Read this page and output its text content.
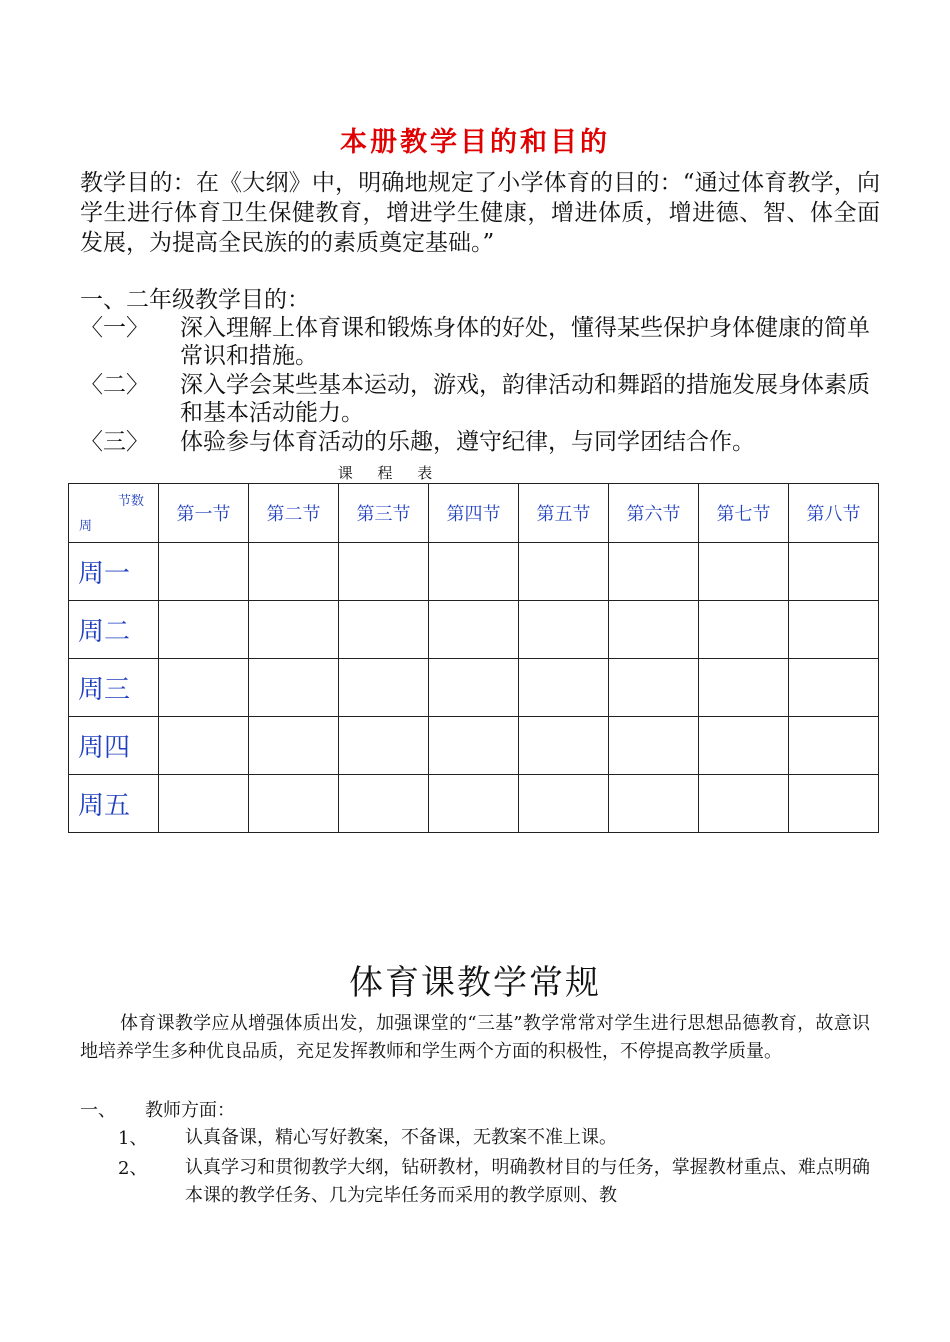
本册教学目的和目的
教学目的：在《大纲》中，明确地规定了小学体育的目的：“通过体育教学，向学生进行体育卫生保健教育，增进学生健康，增进体质，增进德、智、体全面发展，为提高全民族的的素质奠定基础。”
一、二年级教学目的：
〈一〉	深入理解上体育课和锻炼身体的好处，懂得某些保护身体健康的简单常识和措施。
〈二〉	深入学会某些基本运动，游戏，韵律活动和舞蹈的措施发展身体素质和基本活动能力。
〈三〉	体验参与体育活动的乐趣，遵守纪律，与同学团结合作。
课 程 表
节数
周	第一节	第二节	第三节	第四节	第五节	第六节	第七节	第八节
周一								
周二								
周三								
周四								
周五								
体育课教学常规
体育课教学应从增强体质出发，加强课堂的“三基”教学常常对学生进行思想品德教育，故意识地培养学生多种优良品质，充足发挥教师和学生两个方面的积极性，不停提高教学质量。
一、 教师方面：
1、 认真备课，精心写好教案，不备课，无教案不准上课。
2、 认真学习和贯彻教学大纲，钻研教材，明确教材目的与任务，掌握教材重点、难点明确本课的教学任务、几为完毕任务而采用的教学原则、教
